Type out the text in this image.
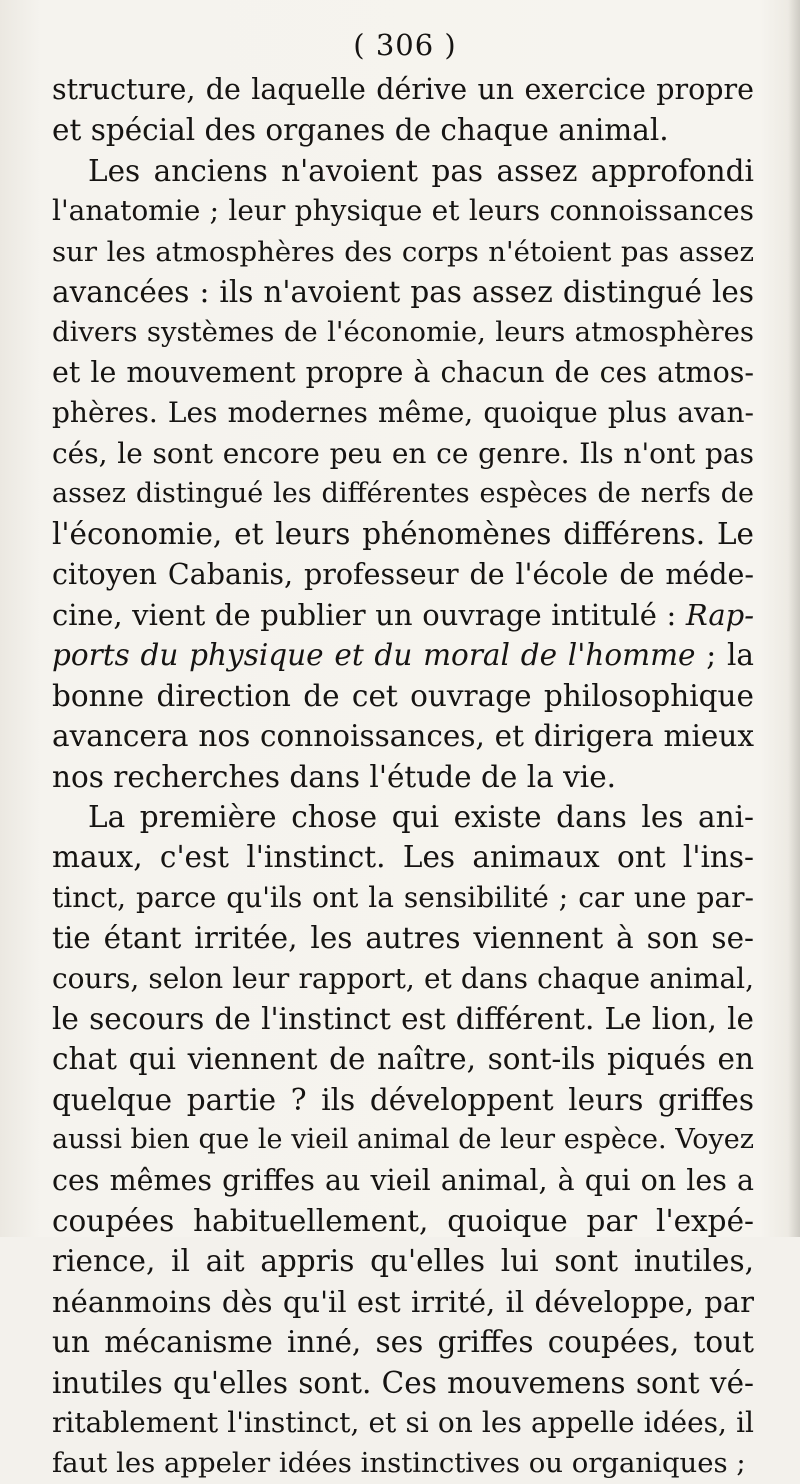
( 306 )
structure, de laquelle dérive un exercice propre
et spécial des organes de chaque animal.
Les anciens n'avoient pas assez approfondi
l'anatomie ; leur physique et leurs connoissances
sur les atmosphères des corps n'étoient pas assez
avancées : ils n'avoient pas assez distingué les
divers systèmes de l'économie, leurs atmosphères
et le mouvement propre à chacun de ces atmos-
phères. Les modernes même, quoique plus avan-
cés, le sont encore peu en ce genre. Ils n'ont pas
assez distingué les différentes espèces de nerfs de
l'économie, et leurs phénomènes différens. Le
citoyen Cabanis, professeur de l'école de méde-
cine, vient de publier un ouvrage intitulé : Rap-
ports du physique et du moral de l'homme ; la
bonne direction de cet ouvrage philosophique
avancera nos connoissances, et dirigera mieux
nos recherches dans l'étude de la vie.
La première chose qui existe dans les ani-
maux, c'est l'instinct. Les animaux ont l'ins-
tinct, parce qu'ils ont la sensibilité ; car une par-
tie étant irritée, les autres viennent à son se-
cours, selon leur rapport, et dans chaque animal,
le secours de l'instinct est différent. Le lion, le
chat qui viennent de naître, sont-ils piqués en
quelque partie ? ils développent leurs griffes
aussi bien que le vieil animal de leur espèce. Voyez
ces mêmes griffes au vieil animal, à qui on les a
coupées habituellement, quoique par l'expé-
rience, il ait appris qu'elles lui sont inutiles,
néanmoins dès qu'il est irrité, il développe, par
un mécanisme inné, ses griffes coupées, tout
inutiles qu'elles sont. Ces mouvemens sont vé-
ritablement l'instinct, et si on les appelle idées, il
faut les appeler idées instinctives ou organiques ;
